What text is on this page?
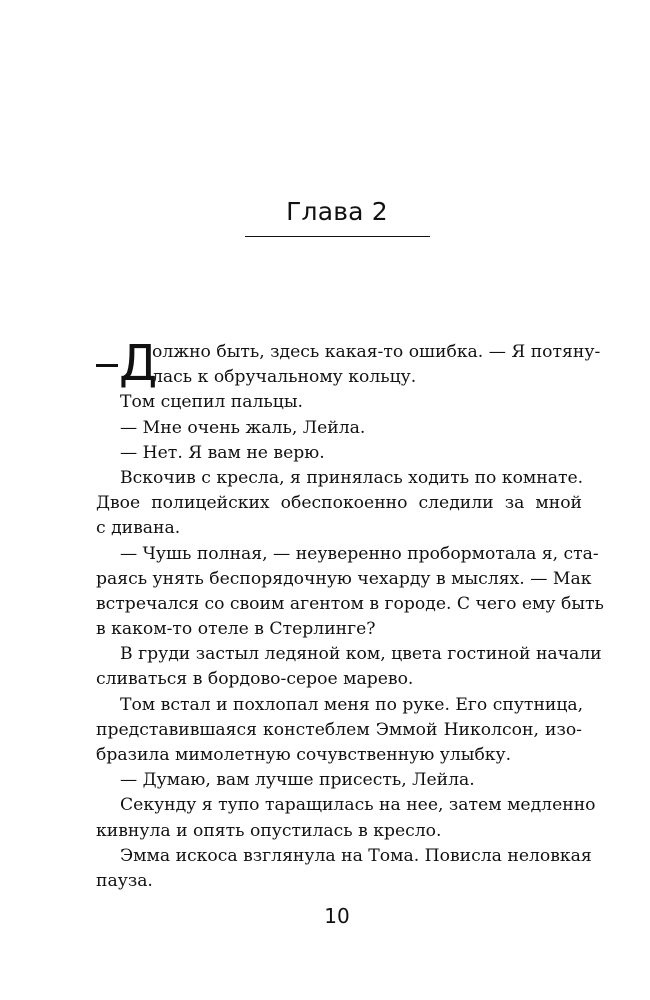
Глава 2
Д
олжно быть, здесь какая-то ошибка. — Я потяну-
лась к обручальному кольцу.
Том сцепил пальцы.
— Мне очень жаль, Лейла.
— Нет. Я вам не верю.
Вскочив с кресла, я принялась ходить по комнате.
Двое полицейских обеспокоенно следили за мной
с дивана.
— Чушь полная, — неуверенно пробормотала я, ста-
раясь унять беспорядочную чехарду в мыслях. — Мак
встречался со своим агентом в городе. С чего ему быть
в каком-то отеле в Стерлинге?
В груди застыл ледяной ком, цвета гостиной начали
сливаться в бордово-серое марево.
Том встал и похлопал меня по руке. Его спутница,
представившаяся констеблем Эммой Николсон, изо-
бразила мимолетную сочувственную улыбку.
— Думаю, вам лучше присесть, Лейла.
Секунду я тупо таращилась на нее, затем медленно
кивнула и опять опустилась в кресло.
Эмма искоса взглянула на Тома. Повисла неловкая
пауза.
10
